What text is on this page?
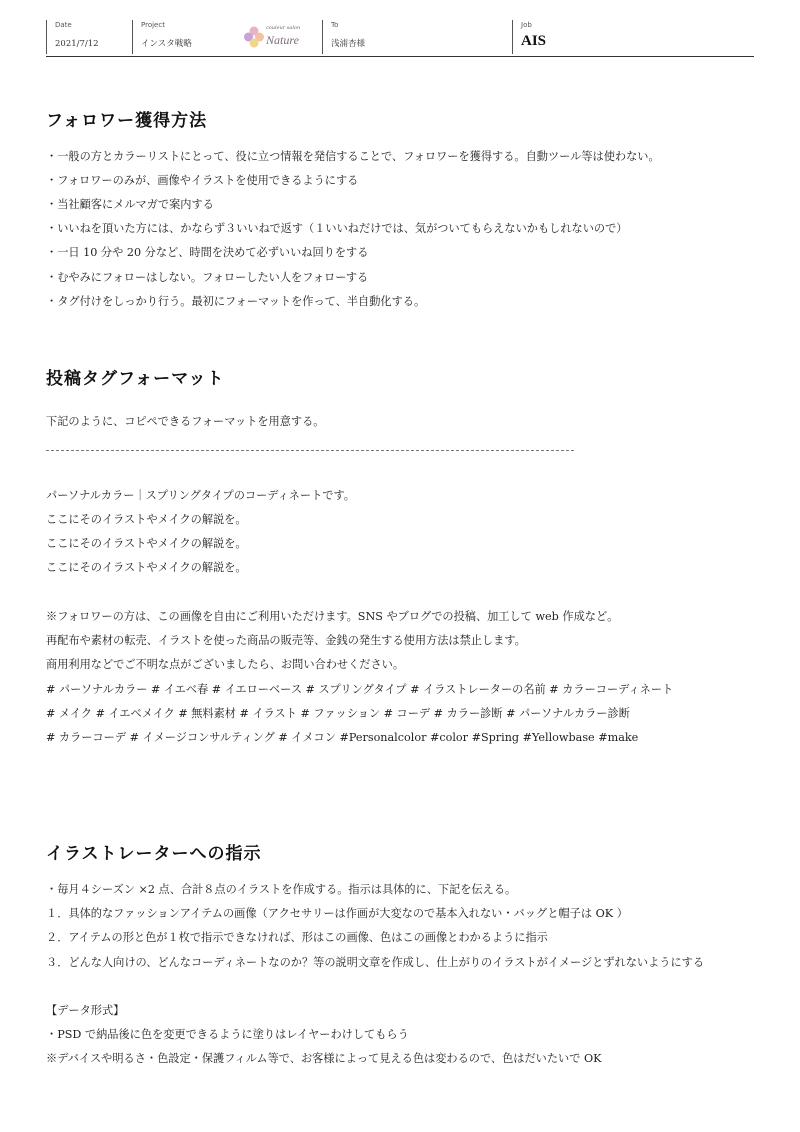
Date
2021/7/12
Project
インスタ戦略
couleur salon
Nature
To
浅浦杏様
Job
AIS
フォロワー獲得方法
・一般の方とカラーリストにとって、役に立つ情報を発信することで、フォロワーを獲得する。自動ツール等は使わない。
・フォロワーのみが、画像やイラストを使用できるようにする
・当社顧客にメルマガで案内する
・いいねを頂いた方には、かならず３いいねで返す（１いいねだけでは、気がついてもらえないかもしれないので）
・一日 10 分や 20 分など、時間を決めて必ずいいね回りをする
・むやみにフォローはしない。フォローしたい人をフォローする
・タグ付けをしっかり行う。最初にフォーマットを作って、半自動化する。
投稿タグフォーマット
下記のように、コピペできるフォーマットを用意する。
パーソナルカラー｜スプリングタイプのコーディネートです。
ここにそのイラストやメイクの解説を。
ここにそのイラストやメイクの解説を。
ここにそのイラストやメイクの解説を。
※フォロワーの方は、この画像を自由にご利用いただけます。SNS やブログでの投稿、加工して web 作成など。
再配布や素材の転売、イラストを使った商品の販売等、金銭の発生する使用方法は禁止します。
商用利用などでご不明な点がございましたら、お問い合わせください。
# パーソナルカラー # イエベ春 # イエローベース # スプリングタイプ # イラストレーターの名前 # カラーコーディネート
# メイク # イエベメイク # 無料素材 # イラスト # ファッション # コーデ # カラー診断 # パーソナルカラー診断
# カラーコーデ # イメージコンサルティング # イメコン #Personalcolor #color #Spring #Yellowbase #make
イラストレーターへの指示
・毎月４シーズン ×2 点、合計８点のイラストを作成する。指示は具体的に、下記を伝える。
１．具体的なファッションアイテムの画像（アクセサリーは作画が大変なので基本入れない・バッグと帽子は OK ）
２．アイテムの形と色が１枚で指示できなければ、形はこの画像、色はこの画像とわかるように指示
３．どんな人向けの、どんなコーディネートなのか？等の説明文章を作成し、仕上がりのイラストがイメージとずれないようにする
【データ形式】
・PSD で納品後に色を変更できるように塗りはレイヤーわけしてもらう
※デバイスや明るさ・色設定・保護フィルム等で、お客様によって見える色は変わるので、色はだいたいで OK
